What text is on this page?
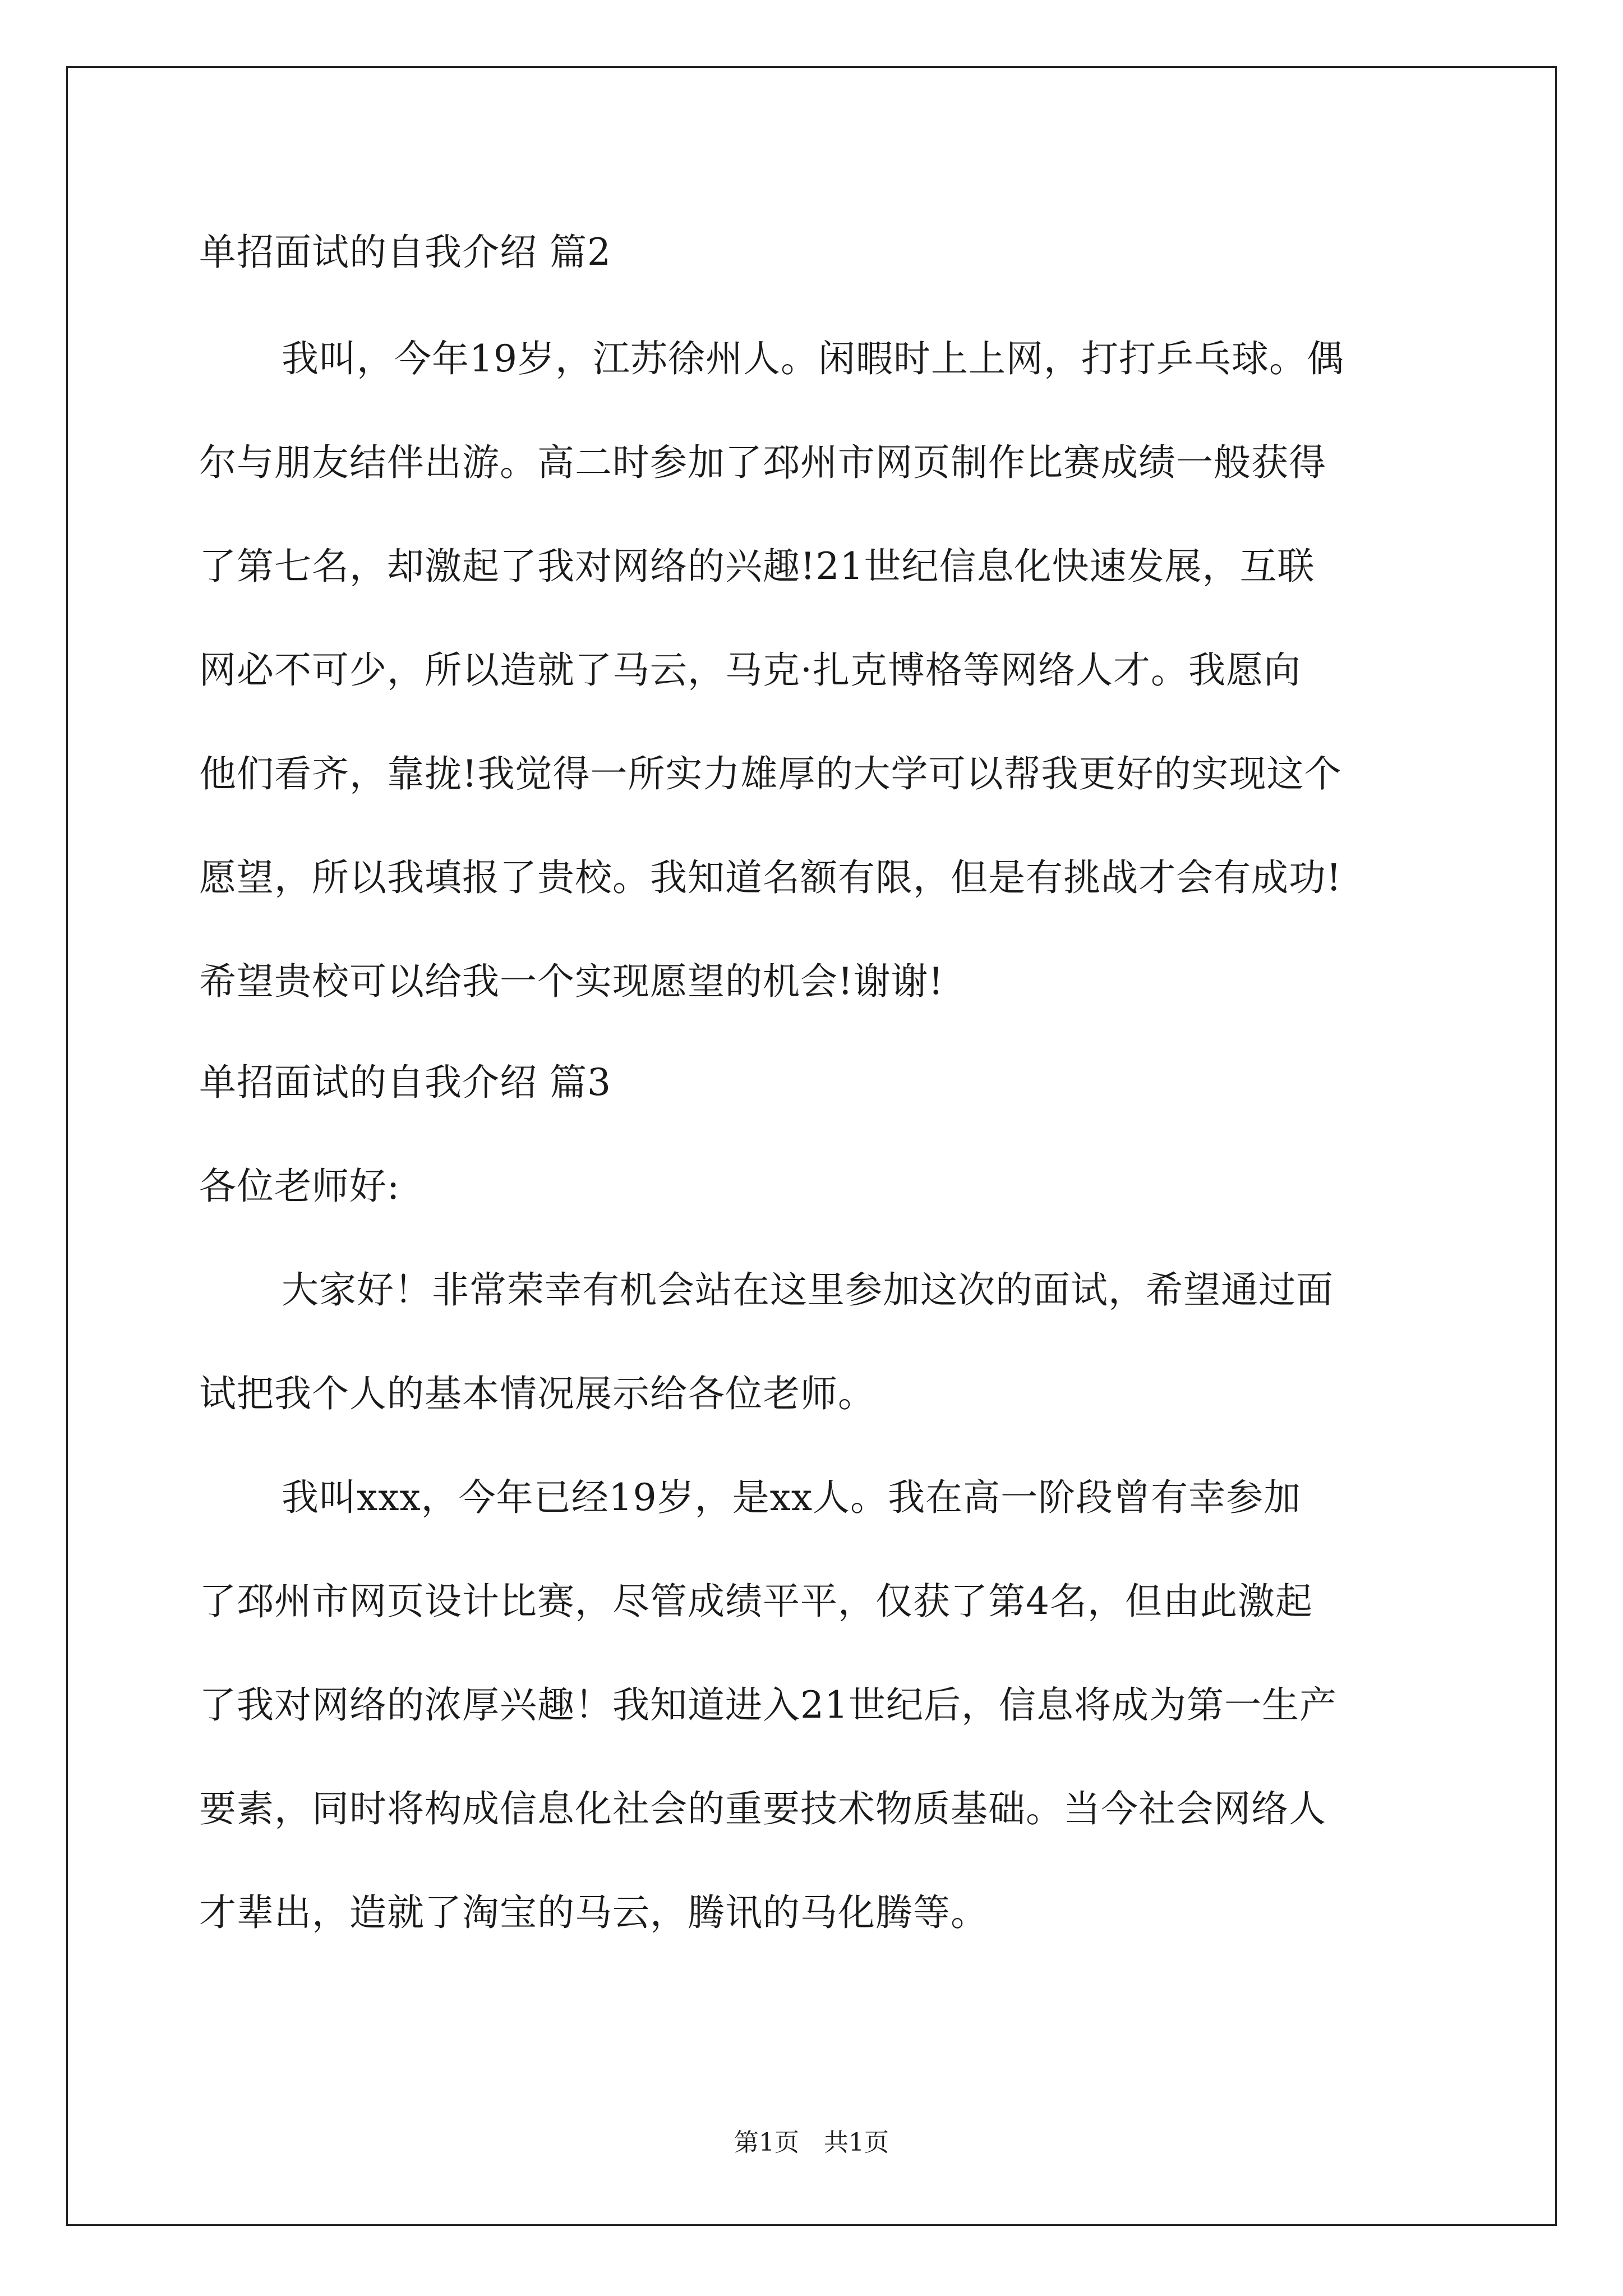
单招面试的自我介绍 篇2
我叫，今年19岁，江苏徐州人。闲暇时上上网，打打乒乓球。偶
尔与朋友结伴出游。高二时参加了邳州市网页制作比赛成绩一般获得
了第七名，却激起了我对网络的兴趣!21世纪信息化快速发展，互联
网必不可少，所以造就了马云，马克·扎克博格等网络人才。我愿向
他们看齐，靠拢!我觉得一所实力雄厚的大学可以帮我更好的实现这个
愿望，所以我填报了贵校。我知道名额有限，但是有挑战才会有成功!
希望贵校可以给我一个实现愿望的机会!谢谢!
单招面试的自我介绍 篇3
各位老师好:
大家好！非常荣幸有机会站在这里参加这次的面试，希望通过面
试把我个人的基本情况展示给各位老师。
我叫xxx，今年已经19岁，是xx人。我在高一阶段曾有幸参加
了邳州市网页设计比赛，尽管成绩平平，仅获了第4名，但由此激起
了我对网络的浓厚兴趣！我知道进入21世纪后，信息将成为第一生产
要素，同时将构成信息化社会的重要技术物质基础。当今社会网络人
才辈出，造就了淘宝的马云，腾讯的马化腾等。
第1页　共1页
